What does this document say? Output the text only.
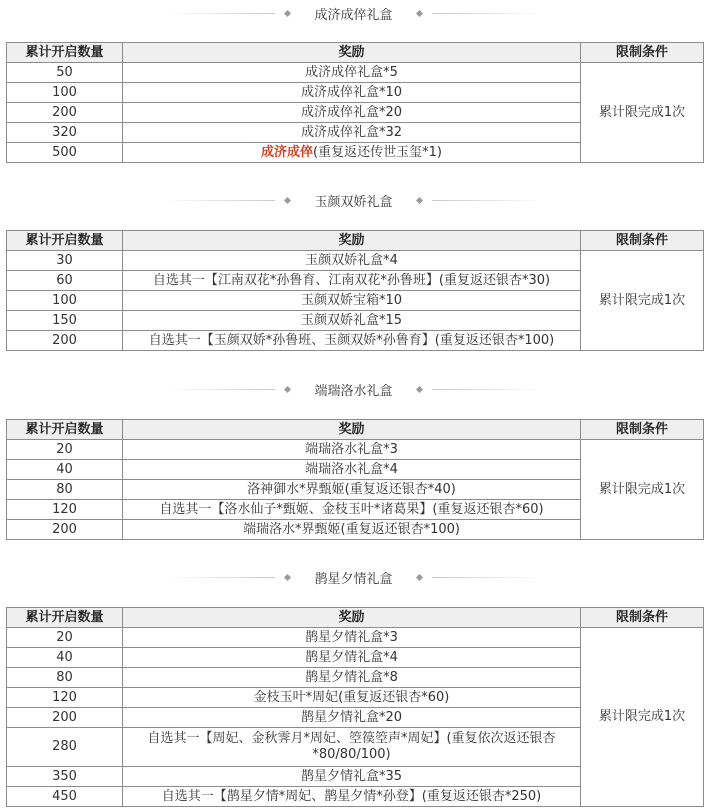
成济成倅礼盒
累计开启数量	奖励	限制条件
50	成济成倅礼盒*5	累计限完成1次
100	成济成倅礼盒*10	
200	成济成倅礼盒*20	
320	成济成倅礼盒*32	
500	成济成倅(重复返还传世玉玺*1)	
玉颜双娇礼盒
累计开启数量	奖励	限制条件
30	玉颜双娇礼盒*4	累计限完成1次
60	自选其一【江南双花*孙鲁育、江南双花*孙鲁班】(重复返还银杏*30)	
100	玉颜双娇宝箱*10	
150	玉颜双娇礼盒*15	
200	自选其一【玉颜双娇*孙鲁班、玉颜双娇*孙鲁育】(重复返还银杏*100)	
端瑞洛水礼盒
累计开启数量	奖励	限制条件
20	端瑞洛水礼盒*3	累计限完成1次
40	端瑞洛水礼盒*4	
80	洛神御水*界甄姬(重复返还银杏*40)	
120	自选其一【洛水仙子*甄姬、金枝玉叶*诸葛果】(重复返还银杏*60)	
200	端瑞洛水*界甄姬(重复返还银杏*100)	
鹊星夕情礼盒
累计开启数量	奖励	限制条件
20	鹊星夕情礼盒*3	累计限完成1次
40	鹊星夕情礼盒*4	
80	鹊星夕情礼盒*8	
120	金枝玉叶*周妃(重复返还银杏*60)	
200	鹊星夕情礼盒*20	
280	自选其一【周妃、金秋霁月*周妃、箜篌箜声*周妃】(重复依次返还银杏*80/80/100)	
350	鹊星夕情礼盒*35	
450	自选其一【鹊星夕情*周妃、鹊星夕情*孙登】(重复返还银杏*250)	
